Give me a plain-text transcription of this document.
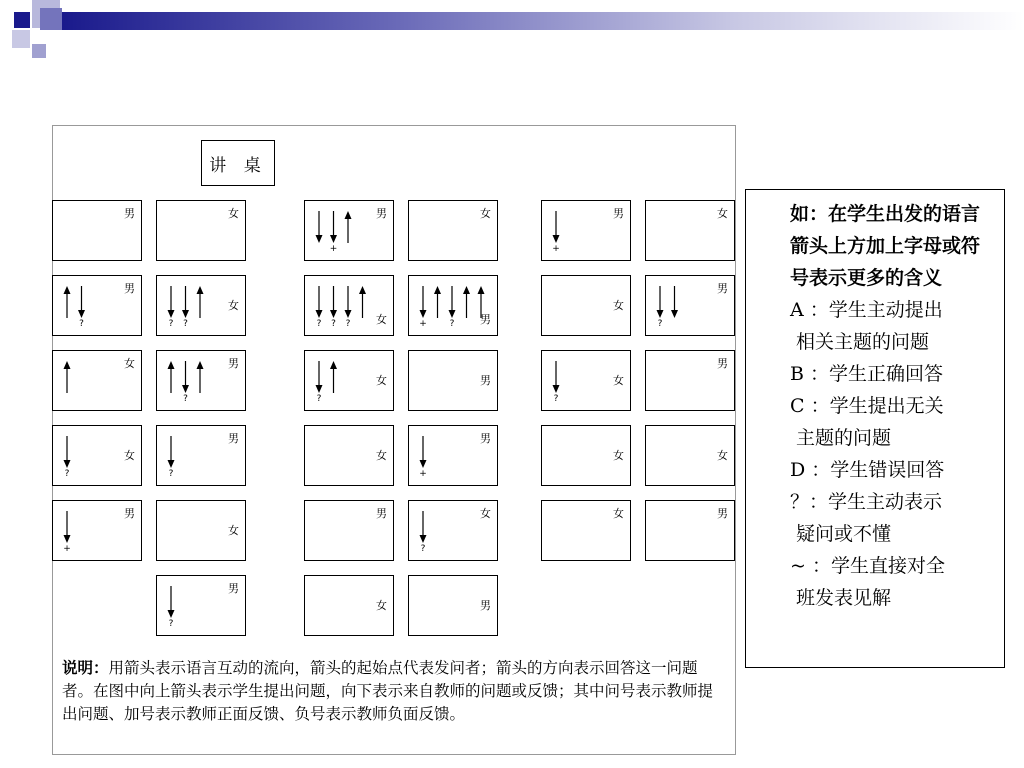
讲 桌
男	女
+
男	女
+
男	女
?
男
? ?
女
? ? ? 女	+	? 男
女
?
男
女
?
男
?
女	男
?
女
男
?
女
?
男
女
+
男
女	女
+
男
女
男
?
女	女	男
?
男
女	男
说明：用箭头表示语言互动的流向，箭头的起始点代表发问者；箭头的方向表示回答这一问题者。在图中向上箭头表示学生提出问题，向下表示来自教师的问题或反馈；其中问号表示教师提出问题、加号表示教师正面反馈、负号表示教师负面反馈。
如：在学生出发的语言箭头上方加上字母或符号表示更多的含义
A ：学生主动提出
相关主题的问题
B ：学生正确回答
C ：学生提出无关
主题的问题
D ：学生错误回答
？：学生主动表示
疑问或不懂
~ ：学生直接对全
班发表见解
